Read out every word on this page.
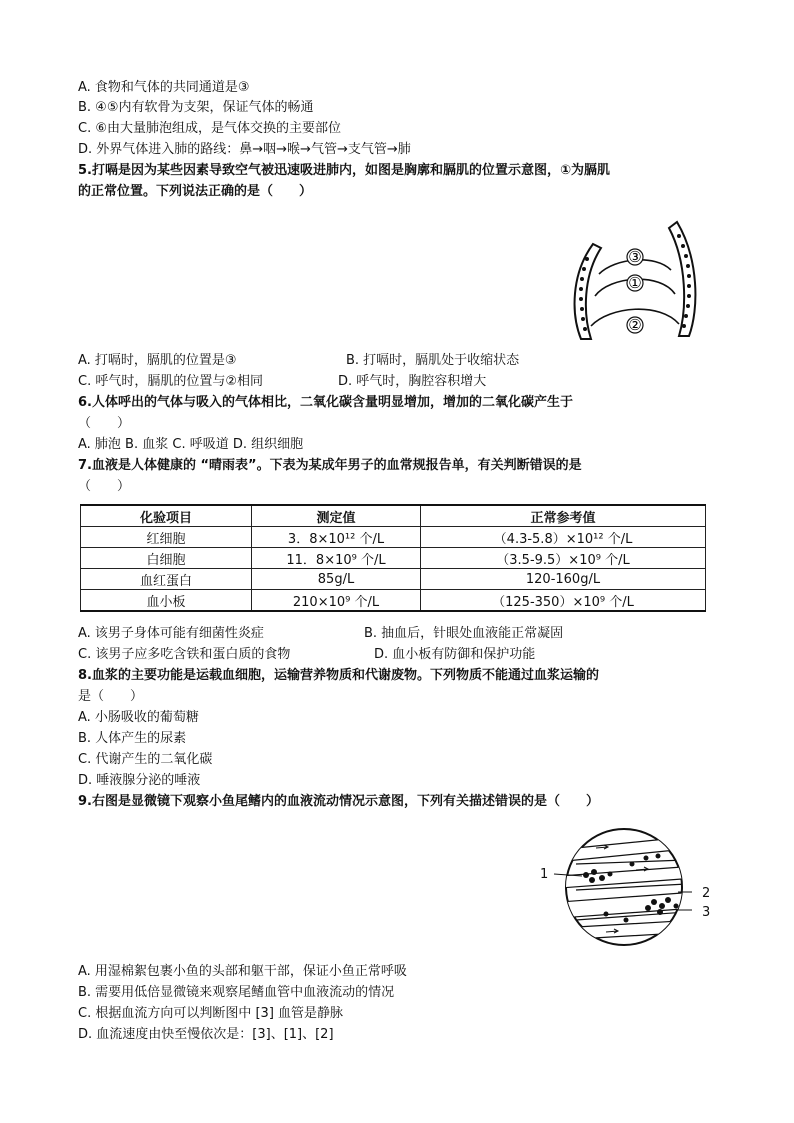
A. 食物和气体的共同通道是③
B. ④⑤内有软骨为支架，保证气体的畅通
C. ⑥由大量肺泡组成，是气体交换的主要部位
D. 外界气体进入肺的路线：鼻→咽→喉→气管→支气管→肺
5.打嗝是因为某些因素导致空气被迅速吸进肺内，如图是胸廓和膈肌的位置示意图，①为膈肌
的正常位置。下列说法正确的是（　　）
③
①
②
A. 打嗝时，膈肌的位置是③	B. 打嗝时，膈肌处于收缩状态
C. 呼气时，膈肌的位置与②相同	D. 呼气时，胸腔容积增大
6.人体呼出的气体与吸入的气体相比，二氧化碳含量明显增加，增加的二氧化碳产生于
（　　）
A. 肺泡 B. 血浆 C. 呼吸道 D. 组织细胞
7.血液是人体健康的 “晴雨表”。下表为某成年男子的血常规报告单，有关判断错误的是
（　　）
化验项目	测定值	正常参考值
红细胞	3．8×10¹² 个/L	（4.3-5.8）×10¹² 个/L
白细胞	11．8×10⁹ 个/L	（3.5-9.5）×10⁹ 个/L
血红蛋白	85g/L	120-160g/L
血小板	210×10⁹ 个/L	（125-350）×10⁹ 个/L
A. 该男子身体可能有细菌性炎症	B. 抽血后，针眼处血液能正常凝固
C. 该男子应多吃含铁和蛋白质的食物	D. 血小板有防御和保护功能
8.血浆的主要功能是运载血细胞，运输营养物质和代谢废物。下列物质不能通过血浆运输的
是（　　）
A. 小肠吸收的葡萄糖
B. 人体产生的尿素
C. 代谢产生的二氧化碳
D. 唾液腺分泌的唾液
9.右图是显微镜下观察小鱼尾鳍内的血液流动情况示意图，下列有关描述错误的是（　　）
1
2
3
A. 用湿棉絮包裹小鱼的头部和躯干部，保证小鱼正常呼吸
B. 需要用低倍显微镜来观察尾鳍血管中血液流动的情况
C. 根据血流方向可以判断图中 [3] 血管是静脉
D. 血流速度由快至慢依次是：[3]、[1]、[2]
